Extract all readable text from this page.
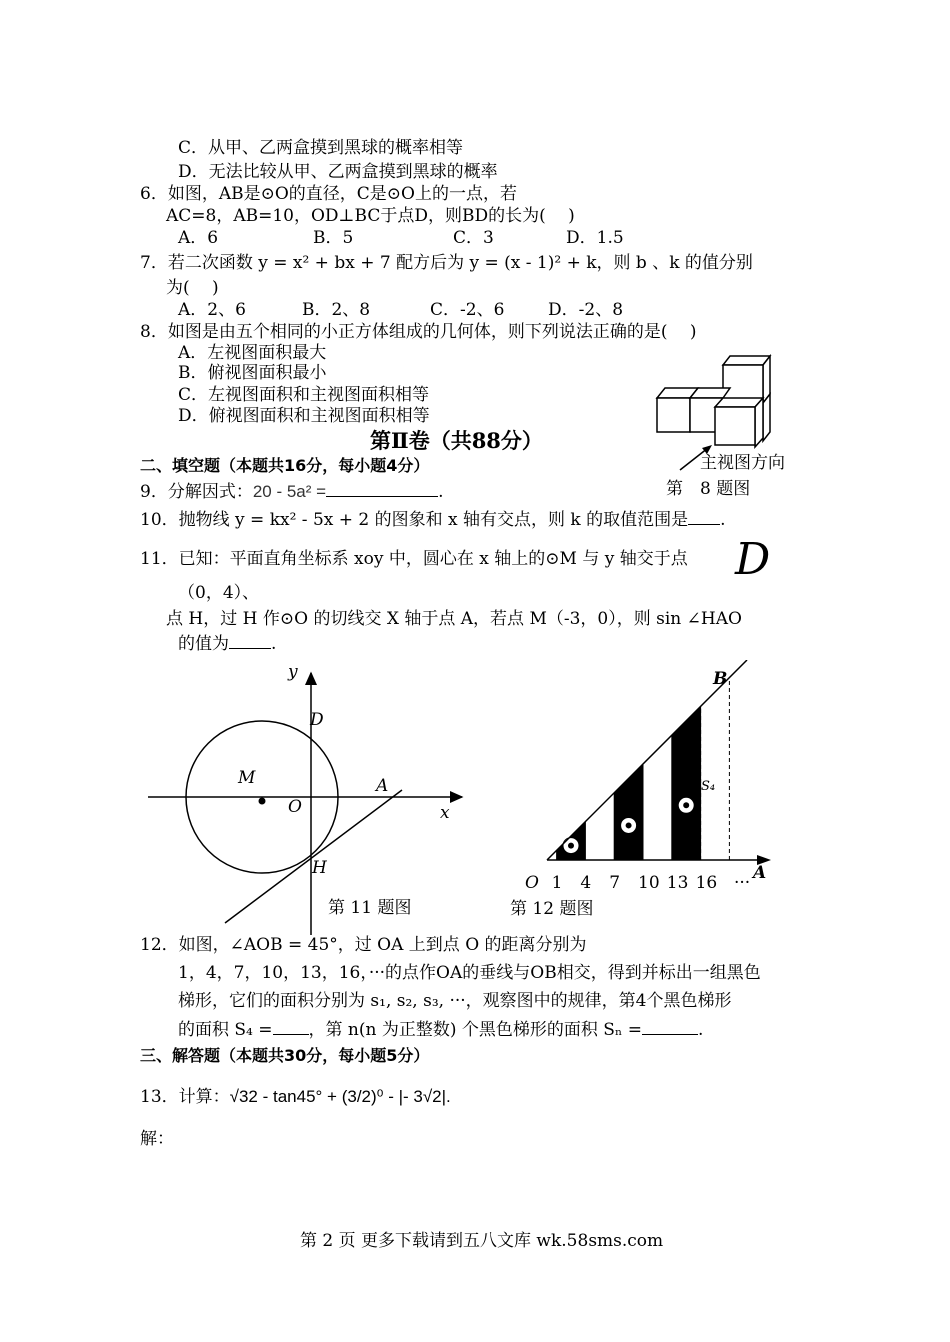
C．从甲、乙两盒摸到黑球的概率相等
D．无法比较从甲、乙两盒摸到黑球的概率
6．如图，AB是⊙O的直径，C是⊙O上的一点，若
AC=8，AB=10，OD⊥BC于点D，则BD的长为(　 )
A．6	B．5	C．3	D．1.5
7．若二次函数 y = x² + bx + 7 配方后为 y = (x - 1)² + k，则 b 、k 的值分别
为(　 )
A．2、6	B．2、8	C．-2、6	D．-2、8
8．如图是由五个相同的小正方体组成的几何体，则下列说法正确的是(　 )
A．左视图面积最大
B．俯视图面积最小
C．左视图面积和主视图面积相等
D．俯视图面积和主视图面积相等
主视图方向
第　8 题图
第Ⅱ卷（共88分）
二、填空题（本题共16分，每小题4分）
9．分解因式：20 - 5a² =	.
10．抛物线 y = kx² - 5x + 2 的图象和 x 轴有交点，则 k 的取值范围是 .
11．已知：平面直角坐标系 xoy 中，圆心在 x 轴上的⊙M 与 y 轴交于点 D
（0，4）、
点 H，过 H 作⊙O 的切线交 X 轴于点 A，若点 M（-3，0），则 sin ∠HAO
的值为 .
y
D
M
O
A
x
H
第 11 题图
B
S₄
O	A
1 4 7 10 13 16 ···
第 12 题图
12．如图，∠AOB = 45°，过 OA 上到点 O 的距离分别为
1，4，7，10，13，16，···的点作OA的垂线与OB相交，得到并标出一组黑色
梯形，它们的面积分别为 s₁, s₂, s₃, ···，观察图中的规律，第4个黑色梯形
的面积 S₄ = ，第 n(n 为正整数) 个黑色梯形的面积 Sₙ =	.
三、解答题（本题共30分，每小题5分）
13．计算：√32 - tan45° + (3/2)⁰ - |- 3√2|.
解：
第 2 页 更多下载请到五八文库 wk.58sms.com
